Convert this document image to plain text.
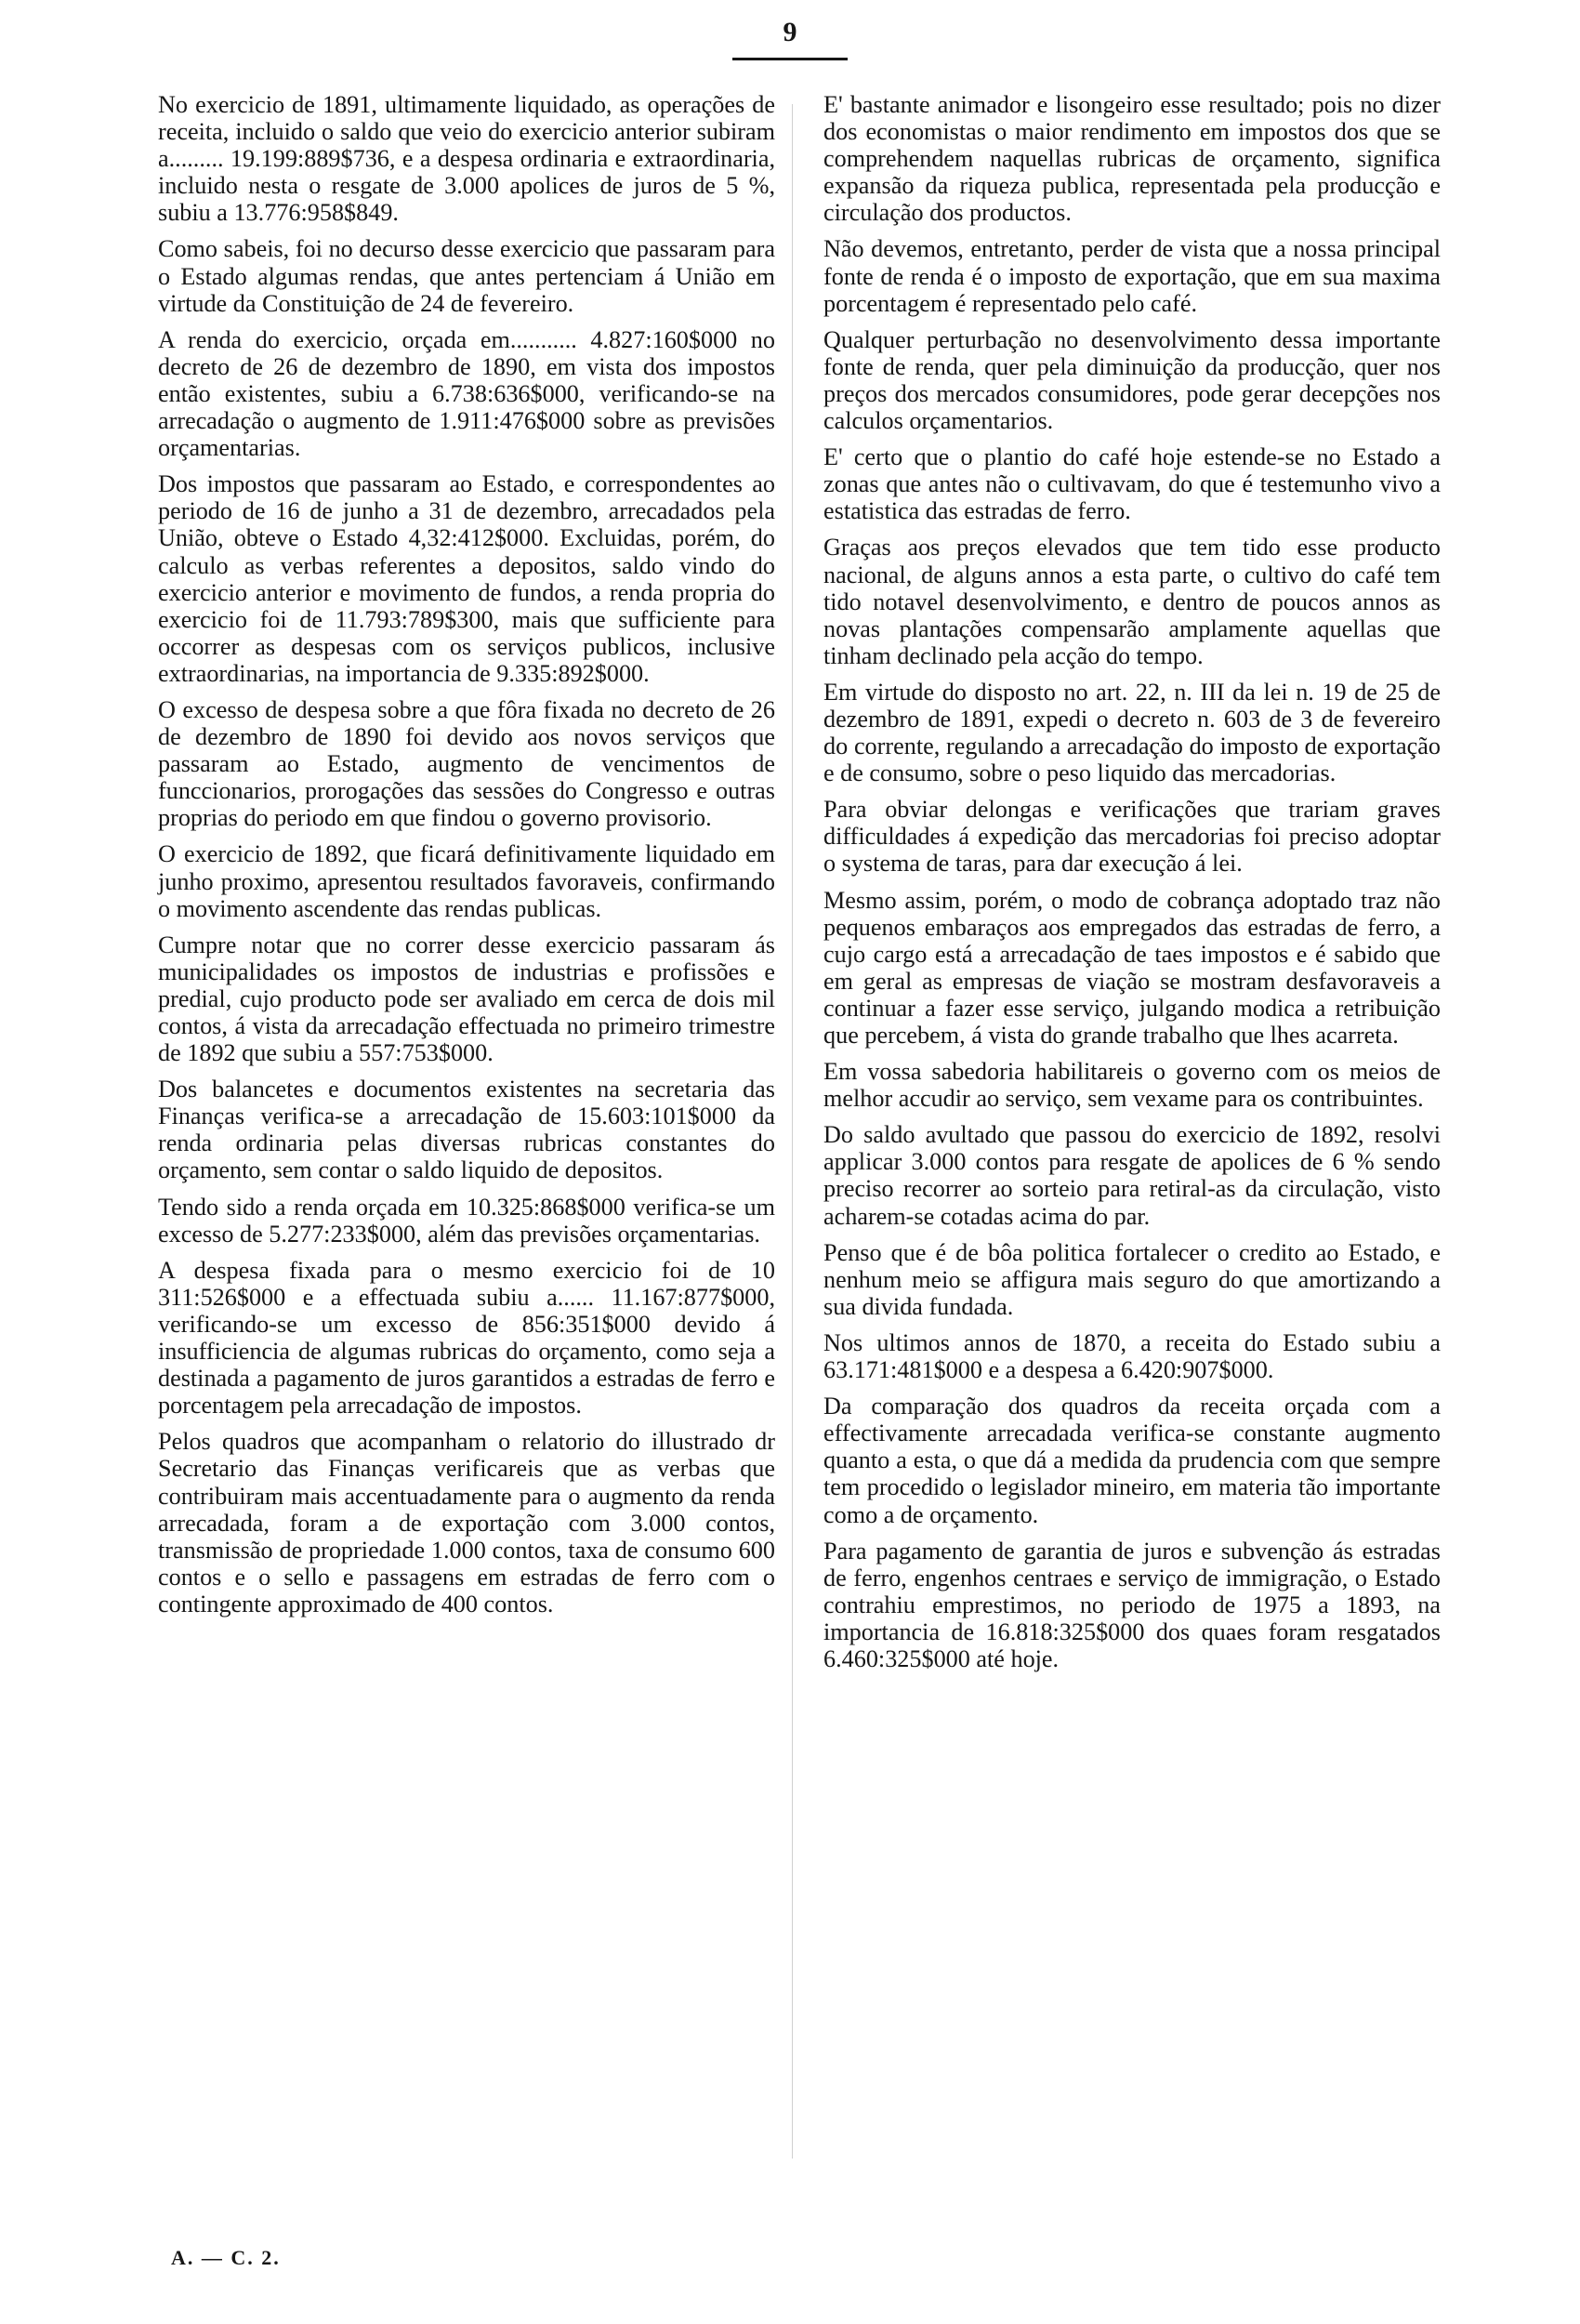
9

No exercicio de 1891, ultimamente liquidado, as operações de receita, incluido o saldo que veio do exercicio anterior subiram a......... 19.199:889$736, e a despesa ordinaria e extraordinaria, incluido nesta o resgate de 3.000 apolices de juros de 5 %, subiu a 13.776:958$849.

Como sabeis, foi no decurso desse exercicio que passaram para o Estado algumas rendas, que antes pertenciam á União em virtude da Constituição de 24 de fevereiro.

A renda do exercicio, orçada em........... 4.827:160$000 no decreto de 26 de dezembro de 1890, em vista dos impostos então existentes, subiu a 6.738:636$000, verificando-se na arrecadação o augmento de 1.911:476$000 sobre as previsões orçamentarias.

Dos impostos que passaram ao Estado, e correspondentes ao periodo de 16 de junho a 31 de dezembro, arrecadados pela União, obteve o Estado 4,32:412$000. Excluidas, porém, do calculo as verbas referentes a depositos, saldo vindo do exercicio anterior e movimento de fundos, a renda propria do exercicio foi de 11.793:789$300, mais que sufficiente para occorrer as despesas com os serviços publicos, inclusive extraordinarias, na importancia de 9.335:892$000.

O excesso de despesa sobre a que fôra fixada no decreto de 26 de dezembro de 1890 foi devido aos novos serviços que passaram ao Estado, augmento de vencimentos de funccionarios, prorogações das sessões do Congresso e outras proprias do periodo em que findou o governo provisorio.

O exercicio de 1892, que ficará definitivamente liquidado em junho proximo, apresentou resultados favoraveis, confirmando o movimento ascendente das rendas publicas.

Cumpre notar que no correr desse exercicio passaram ás municipalidades os impostos de industrias e profissões e predial, cujo producto pode ser avaliado em cerca de dois mil contos, á vista da arrecadação effectuada no primeiro trimestre de 1892 que subiu a 557:753$000.

Dos balancetes e documentos existentes na secretaria das Finanças verifica-se a arrecadação de 15.603:101$000 da renda ordinaria pelas diversas rubricas constantes do orçamento, sem contar o saldo liquido de depositos.

Tendo sido a renda orçada em 10.325:868$000 verifica-se um excesso de 5.277:233$000, além das previsões orçamentarias.

A despesa fixada para o mesmo exercicio foi de 10 311:526$000 e a effectuada subiu a...... 11.167:877$000, verificando-se um excesso de 856:351$000 devido á insufficiencia de algumas rubricas do orçamento, como seja a destinada a pagamento de juros garantidos a estradas de ferro e porcentagem pela arrecadação de impostos.

Pelos quadros que acompanham o relatorio do illustrado dr Secretario das Finanças verificareis que as verbas que contribuiram mais accentuadamente para o augmento da renda arrecadada, foram a de exportação com 3.000 contos, transmissão de propriedade 1.000 contos, taxa de consumo 600 contos e o sello e passagens em estradas de ferro com o contingente approximado de 400 contos.

E' bastante animador e lisongeiro esse resultado; pois no dizer dos economistas o maior rendimento em impostos dos que se comprehendem naquellas rubricas de orçamento, significa expansão da riqueza publica, representada pela producção e circulação dos productos.

Não devemos, entretanto, perder de vista que a nossa principal fonte de renda é o imposto de exportação, que em sua maxima porcentagem é representado pelo café.

Qualquer perturbação no desenvolvimento dessa importante fonte de renda, quer pela diminuição da producção, quer nos preços dos mercados consumidores, pode gerar decepções nos calculos orçamentarios.

E' certo que o plantio do café hoje estende-se no Estado a zonas que antes não o cultivavam, do que é testemunho vivo a estatistica das estradas de ferro.

Graças aos preços elevados que tem tido esse producto nacional, de alguns annos a esta parte, o cultivo do café tem tido notavel desenvolvimento, e dentro de poucos annos as novas plantações compensarão amplamente aquellas que tinham declinado pela acção do tempo.

Em virtude do disposto no art. 22, n. III da lei n. 19 de 25 de dezembro de 1891, expedi o decreto n. 603 de 3 de fevereiro do corrente, regulando a arrecadação do imposto de exportação e de consumo, sobre o peso liquido das mercadorias.

Para obviar delongas e verificações que trariam graves difficuldades á expedição das mercadorias foi preciso adoptar o systema de taras, para dar execução á lei.

Mesmo assim, porém, o modo de cobrança adoptado traz não pequenos embaraços aos empregados das estradas de ferro, a cujo cargo está a arrecadação de taes impostos e é sabido que em geral as empresas de viação se mostram desfavoraveis a continuar a fazer esse serviço, julgando modica a retribuição que percebem, á vista do grande trabalho que lhes acarreta.

Em vossa sabedoria habilitareis o governo com os meios de melhor accudir ao serviço, sem vexame para os contribuintes.

Do saldo avultado que passou do exercicio de 1892, resolvi applicar 3.000 contos para resgate de apolices de 6 % sendo preciso recorrer ao sorteio para retiral-as da circulação, visto acharem-se cotadas acima do par.

Penso que é de bôa politica fortalecer o credito ao Estado, e nenhum meio se affigura mais seguro do que amortizando a sua divida fundada.

Nos ultimos annos de 1870, a receita do Estado subiu a 63.171:481$000 e a despesa a 6.420:907$000.

Da comparação dos quadros da receita orçada com a effectivamente arrecadada verifica-se constante augmento quanto a esta, o que dá a medida da prudencia com que sempre tem procedido o legislador mineiro, em materia tão importante como a de orçamento.

Para pagamento de garantia de juros e subvenção ás estradas de ferro, engenhos centraes e serviço de immigração, o Estado contrahiu emprestimos, no periodo de 1975 a 1893, na importancia de 16.818:325$000 dos quaes foram resgatados 6.460:325$000 até hoje.

A. — C. 2.
